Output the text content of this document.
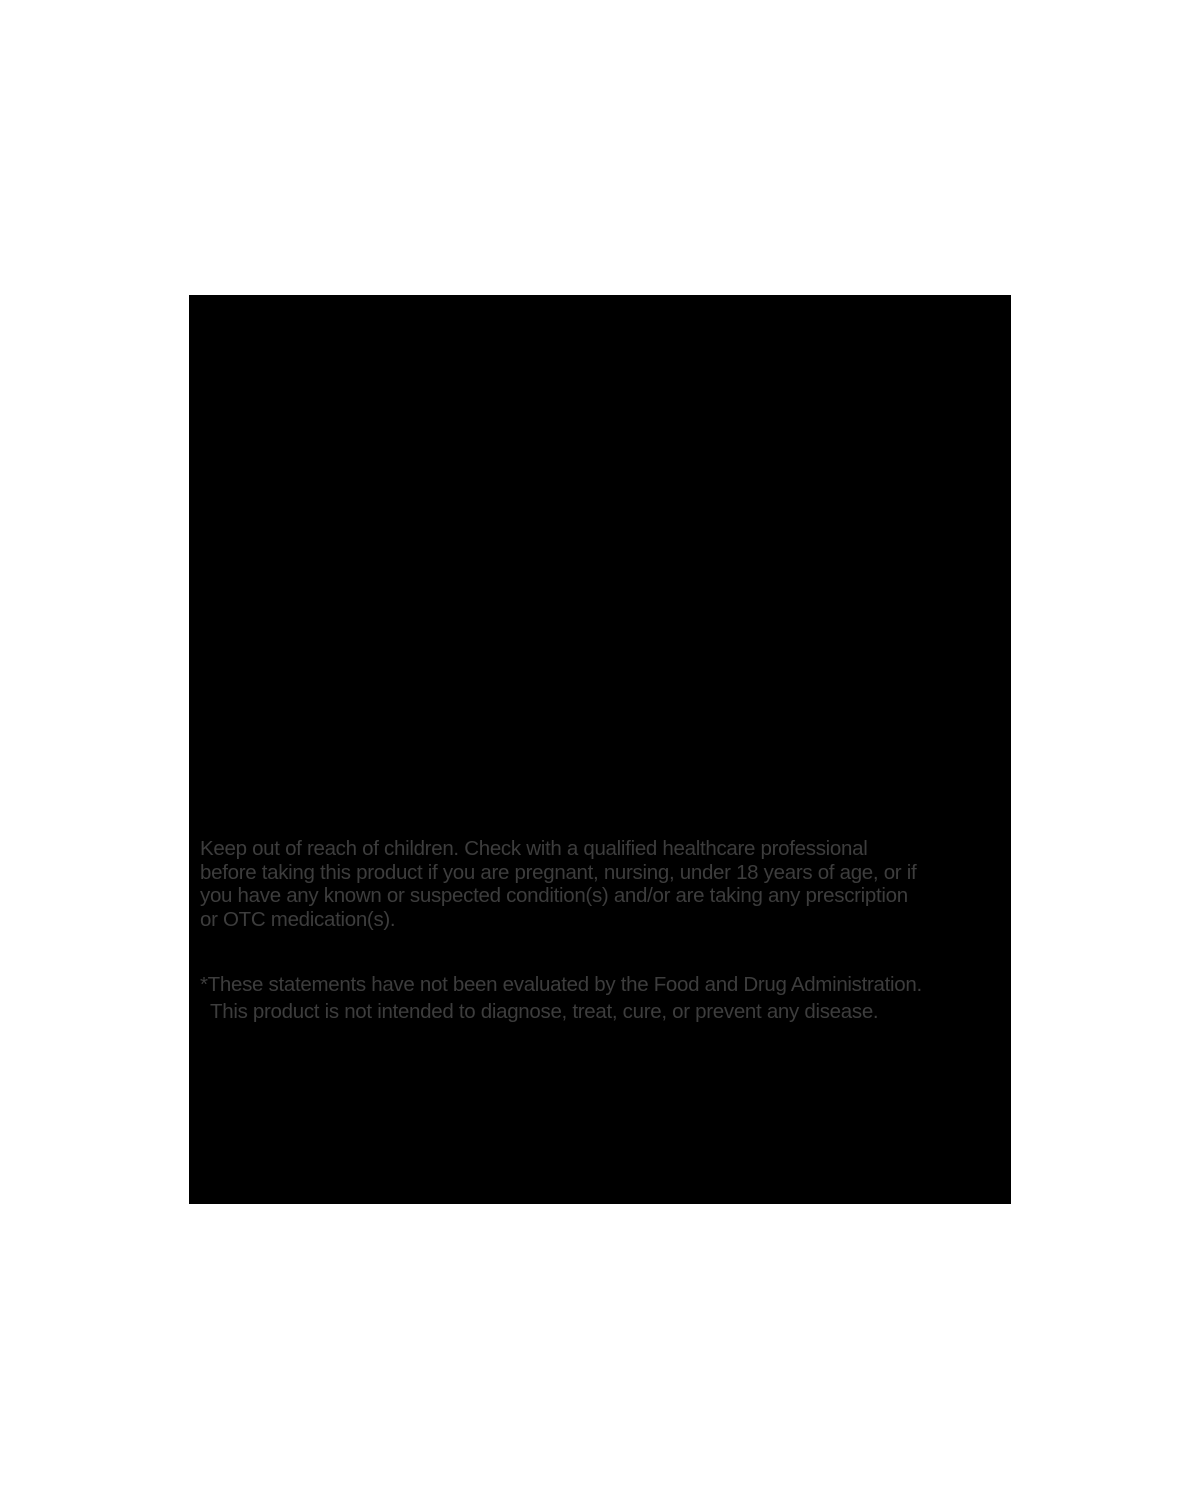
Keep out of reach of children. Check with a qualified healthcare professional
before taking this product if you are pregnant, nursing, under 18 years of age, or if
you have any known or suspected condition(s) and/or are taking any prescription
or OTC medication(s).
*These statements have not been evaluated by the Food and Drug Administration.
This product is not intended to diagnose, treat, cure, or prevent any disease.
